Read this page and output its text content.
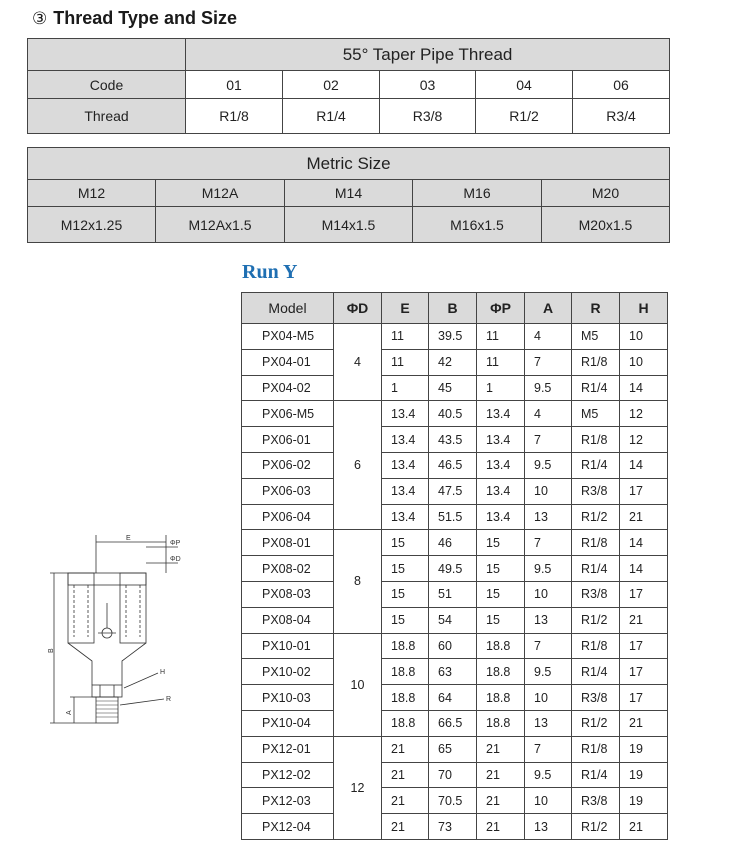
③ Thread Type and Size
	55° Taper Pipe Thread				
Code	01	02	03	04	06
Thread	R1/8	R1/4	R3/8	R1/2	R3/4
Metric Size				
M12	M12A	M14	M16	M20
M12x1.25	M12Ax1.5	M14x1.5	M16x1.5	M20x1.5
Run Y
Model	ΦD	E	B	ΦP	A	R	H
PX04-M5	4	11	39.5	11	4	M5	10
PX04-01		11	42	11	7	R1/8	10
PX04-02		1	45	1	9.5	R1/4	14
PX06-M5	6	13.4	40.5	13.4	4	M5	12
PX06-01		13.4	43.5	13.4	7	R1/8	12
PX06-02		13.4	46.5	13.4	9.5	R1/4	14
PX06-03		13.4	47.5	13.4	10	R3/8	17
PX06-04		13.4	51.5	13.4	13	R1/2	21
PX08-01	8	15	46	15	7	R1/8	14
PX08-02		15	49.5	15	9.5	R1/4	14
PX08-03		15	51	15	10	R3/8	17
PX08-04		15	54	15	13	R1/2	21
PX10-01	10	18.8	60	18.8	7	R1/8	17
PX10-02		18.8	63	18.8	9.5	R1/4	17
PX10-03		18.8	64	18.8	10	R3/8	17
PX10-04		18.8	66.5	18.8	13	R1/2	21
PX12-01	12	21	65	21	7	R1/8	19
PX12-02		21	70	21	9.5	R1/4	19
PX12-03		21	70.5	21	10	R3/8	19
PX12-04		21	73	21	13	R1/2	21
E
ΦP
ΦD
H
R
B
A
